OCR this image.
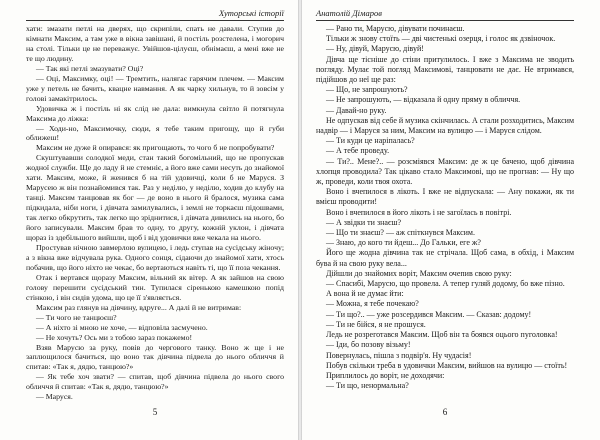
Хуторські історії

хати: змазати петлі на дверях, що скрипіли, спать не давали. Ступив до кімнати Максим, а там уже в вікна завішані, й постіль розстелена, і могорич на столі. Тільки це не переважує. Увійшов-цілуєш, обнімаєш, а мені вже не те що людину.

— Так які петлі змазувати? Оці?

— Оці, Максимку, оці! — Тремтить, налягає гарячим плечем. — Максим уже у петель не бачить, квацне навмання. А як чарку хильнув, то й зовсім у голові замакітрилось.

Удовичка ж і постіль ні як слід не дала: вимкнула світло й потягнула Максима до ліжка:

— Ходи-но, Максимочку, сюди, я тебе таким пригощу, що й губи оближеш!

Максим не дуже й опирався: як пригощають, то чого б не попробувати?

Скуштувавши солодкої меди, стан такий богомільний, що не пропускав жодної служби. Ще до ладу й не стемніє, а його вже сами несуть до знайомої хати. Максим, може, й женився б на тій удовичці, коли б не Маруся. З Марусею ж він познайомився так. Раз у неділю, у неділю, ходив до клубу на танці. Максим танцював як бог — де воно в нього й бралося, музика сама підкидала, ніби ноги, і дівчата замилувались, і землі не торкаєш підошвами, так легко обкрутить, так легко що зріднитися, і дівчата дивились на нього, бо його записували. Максим брав то одну, то другу, кожній уклон, і дівчата щораз із здебільшого вийшли, щоб і від удовички вже чекала на нього.

Простував нічною завмерлою вулицею, і ледь ступав на сусідську жіночу; а з вікна вже відчувала рука. Одного сонця, сідаючи до знайомої хати, хтось побачив, що його ніхто не чекає, бо вертаються навіть ті, що її поза чекання.

Отак і вертався щоразу Максим, вільний як вітер. А як зайшов на свою голову перешити сусідський тин. Тупилася сіренькою камешкою попід стінкою, і він сидів удома, що це її з'являється.

Максим раз глянув на дівчину, вдруге... А далі й не витримав:

— Ти чого не танцюєш?

— А ніхто зі мною не хоче, — відповіла засмучено.

— Не хочуть? Ось ми з тобою зараз покажемо!

Взяв Марусю за руку, повів до чергового танку. Воно ж ще і не заплющилося бачиться, що воно так дівчина підвела до нього обличчя й спитав: «Так я, дядю, танцюю?»

— Як тебе хоч звати? — спитав, щоб дівчина підвела до нього свого обличчя й спитав: «Так я, дядю, танцюю?»

— Маруся.

5
Анатолій Дімаров

— Рано ти, Марусю, дівувати починаєш.

Тільки ж знову стоїть — дві чистенькі озерця, і голос як дзвіночок.

— Ну, дівуй, Марусю, дівуй!

Дівча ще тісніше до стіни притулилось. І вже з Максима не зводить погляду. Мулає той погляд Максимові, танцювати не дає. Не втримався, підійшов до неї ще раз:

— Що, не запрошують?

— Не запрошують, — відказала й одну пряму в обличчя.

— Давай-но руку.

Не одпускав від себе й музика скінчилась. А стали розходитись, Максим надвір — і Маруся за ним, Максим на вулицю — і Маруся слідом.

— Ти куди це наріпалась?

— А тебе проведу.

— Ти?.. Мене?.. — розсміявся Максим: де ж це бачено, щоб дівчина хлопця проводила? Так цікаво стало Максимові, що не прогнав: — Ну що ж, проведи, коли твоя охота.

Воно і вчепилося в лікоть. І вже не відпускала: — Ану покажи, як ти вмієш проводити!

Воно і вчепилося в його лікоть і не загоїлась в повітрі.

— А звідки ти знаєш?

— Що ти знаєш? — аж спіткнувся Максим.

— Знаю, до кого ти йдеш... До Гальки, еге ж?

Його ще жодна дівчина так не стрічала. Щоб сама, в обхід, і Максим бува й на свою руку вела...

Дійшли до знайомих воріт, Максим очепив свою руку:

— Спасибі, Марусю, що провела. А тепер гуляй додому, бо вже пізно.

А вона й не думає йти:

— Можна, я тебе почекаю?

— Ти що?.. — уже розсердився Максим. — Сказав: додому!

— Ти не бійся, я не прошуся.

Ледь не розреготався Максим. Щоб він та боявся оцього пуголовка!

— Іди, бо позову візьму!

Повернулась, пішла з подвір'я. Ну чудасія!

Побув скільки треба в удовички Максим, вийшов на вулицю — стоїть!

Приплилось до воріт, не доходячи:

— Ти що, ненормальна?

6
